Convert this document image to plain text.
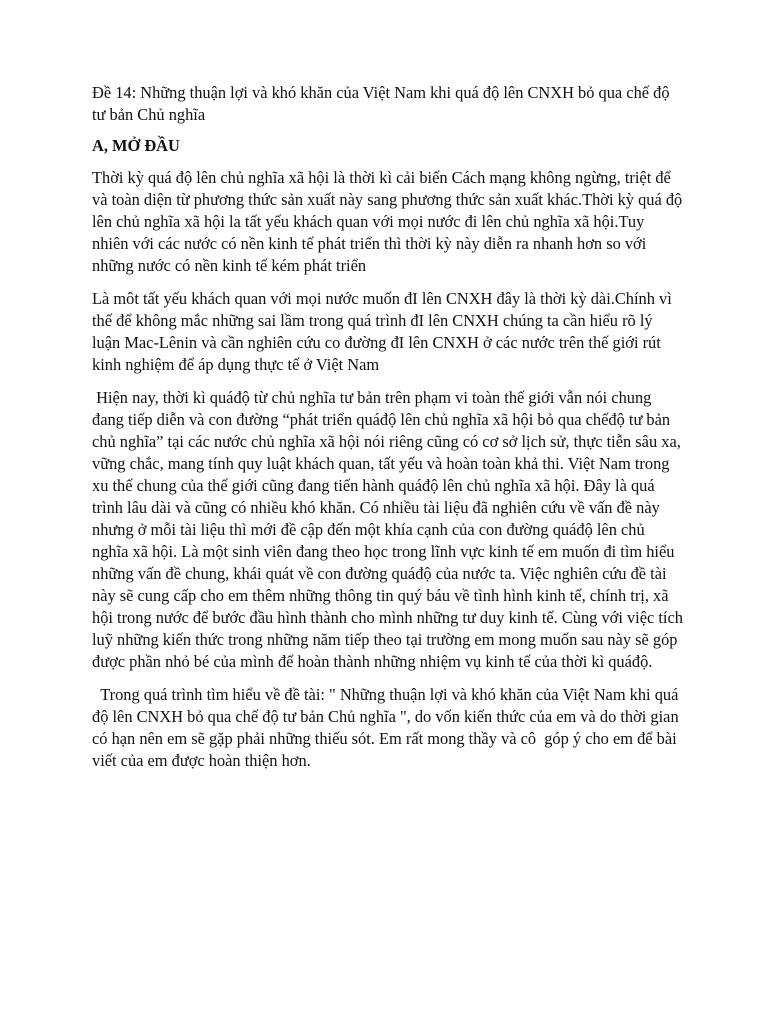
Đề 14: Những thuận lợi và khó khăn của Việt Nam khi quá độ lên CNXH bỏ qua chế độ tư bản Chủ nghĩa

A, MỞ ĐẦU

Thời kỳ quá độ lên chủ nghĩa xã hội là thời kì cải biến Cách mạng không ngừng, triệt để và toàn diện từ phương thức sản xuất này sang phương thức sản xuất khác.Thời kỳ quá độ lên chủ nghĩa xã hội la tất yếu khách quan với mọi nước đi lên chủ nghĩa xã hội.Tuy nhiên với các nước có nền kinh tế phát triển thì thời kỳ này diễn ra nhanh hơn so với những nước có nền kinh tế kém phát triển

Là môt tất yếu khách quan với mọi nước muốn đI lên CNXH đây là thời kỳ dài.Chính vì thế để không mắc những sai lầm trong quá trình đI lên CNXH chúng ta cần hiểu rõ lý luận Mac-Lênin và cần nghiên cứu co đường đI lên CNXH ở các nước trên thế giới rút kinh nghiệm để áp dụng thực tế ở Việt Nam

Hiện nay, thời kì quáđộ từ chủ nghĩa tư bản trên phạm vi toàn thế giới vẫn nói chung đang tiếp diễn và con đường “phát triển quáđộ lên chủ nghĩa xã hội bỏ qua chếđộ tư bản chủ nghĩa” tại các nước chủ nghĩa xã hội nói riêng cũng có cơ sở lịch sử, thực tiễn sâu xa, vững chắc, mang tính quy luật khách quan, tất yếu và hoàn toàn khả thi. Việt Nam trong xu thế chung của thế giới cũng đang tiến hành quáđộ lên chủ nghĩa xã hội. Đây là quá trình lâu dài và cũng có nhiều khó khăn. Có nhiều tài liệu đã nghiên cứu về vấn đề này nhưng ở mỗi tài liệu thì mới đề cập đến một khía cạnh của con đường quáđộ lên chủ nghĩa xã hội. Là một sinh viên đang theo học trong lĩnh vực kinh tế em muốn đi tìm hiểu những vấn đề chung, khái quát về con đường quáđộ của nước ta. Việc nghiên cứu đề tài này sẽ cung cấp cho em thêm những thông tin quý báu về tình hình kinh tế, chính trị, xã hội trong nước để bước đầu hình thành cho mình những tư duy kinh tế. Cùng với việc tích luỹ những kiến thức trong những năm tiếp theo tại trường em mong muốn sau này sẽ góp được phần nhỏ bé của mình để hoàn thành những nhiệm vụ kinh tế của thời kì quáđộ.

Trong quá trình tìm hiểu về đề tài: " Những thuận lợi và khó khăn của Việt Nam khi quá độ lên CNXH bỏ qua chế độ tư bản Chủ nghĩa ", do vốn kiến thức của em và do thời gian có hạn nên em sẽ gặp phải những thiếu sót. Em rất mong thầy và cô  góp ý cho em để bài viết của em được hoàn thiện hơn.
